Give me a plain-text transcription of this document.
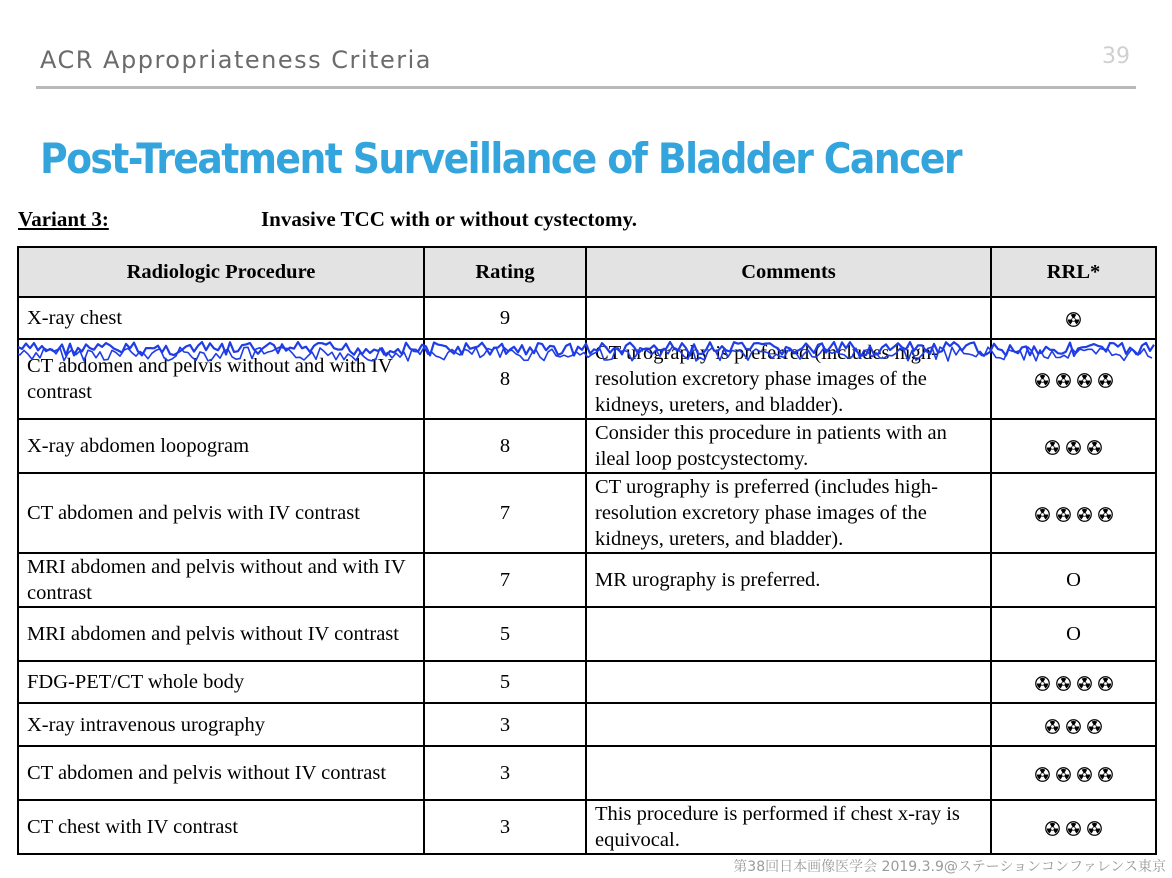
ACR Appropriateness Criteria	39
Post-Treatment Surveillance of Bladder Cancer
Variant 3:	Invasive TCC with or without cystectomy.
Radiologic Procedure	Rating	Comments	RRL*
X-ray chest	9		
CT abdomen and pelvis without and with IV contrast	8	CT urography is preferred (includes high-resolution excretory phase images of the kidneys, ureters, and bladder).	
X-ray abdomen loopogram	8	Consider this procedure in patients with an ileal loop postcystectomy.	
CT abdomen and pelvis with IV contrast	7	CT urography is preferred (includes high-resolution excretory phase images of the kidneys, ureters, and bladder).	
MRI abdomen and pelvis without and with IV contrast	7	MR urography is preferred.	O
MRI abdomen and pelvis without IV contrast	5		O
FDG-PET/CT whole body	5		
X-ray intravenous urography	3		
CT abdomen and pelvis without IV contrast	3		
CT chest with IV contrast	3	This procedure is performed if chest x-ray is equivocal.	
第38回日本画像医学会 2019.3.9@ステーションコンファレンス東京
